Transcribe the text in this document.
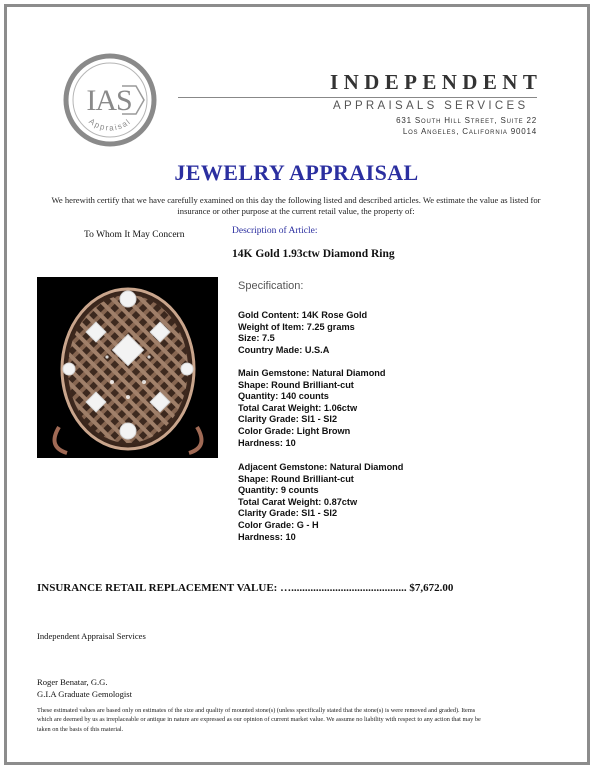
IAS
Appraisal
INDEPENDENT
APPRAISALS SERVICES
631 South Hill Street, Suite 22
Los Angeles, California 90014
JEWELRY APPRAISAL
We herewith certify that we have carefully examined on this day the following listed and described articles. We estimate the value as listed for insurance or other purpose at the current retail value, the property of:
To Whom It May Concern	Description of Article:
14K Gold 1.93ctw Diamond Ring
Specification:
Gold Content: 14K Rose Gold
Weight of Item: 7.25 grams
Size: 7.5
Country Made: U.S.A
Main Gemstone: Natural Diamond
Shape: Round Brilliant-cut
Quantity: 140 counts
Total Carat Weight: 1.06ctw
Clarity Grade: SI1 - SI2
Color Grade: Light Brown
Hardness: 10
Adjacent Gemstone: Natural Diamond
Shape: Round Brilliant-cut
Quantity: 9 counts
Total Carat Weight: 0.87ctw
Clarity Grade: SI1 - SI2
Color Grade: G - H
Hardness: 10
INSURANCE RETAIL REPLACEMENT VALUE: ….......................................... $7,672.00
Independent Appraisal Services
Roger Benatar, G.G.
G.I.A Graduate Gemologist
These estimated values are based only on estimates of the size and quality of mounted stone(s) (unless specifically stated that the stone(s) is were removed and graded). Items which are deemed by us as irreplaceable or antique in nature are expressed as our opinion of current market value. We assume no liability with respect to any action that may be taken on the basis of this material.
